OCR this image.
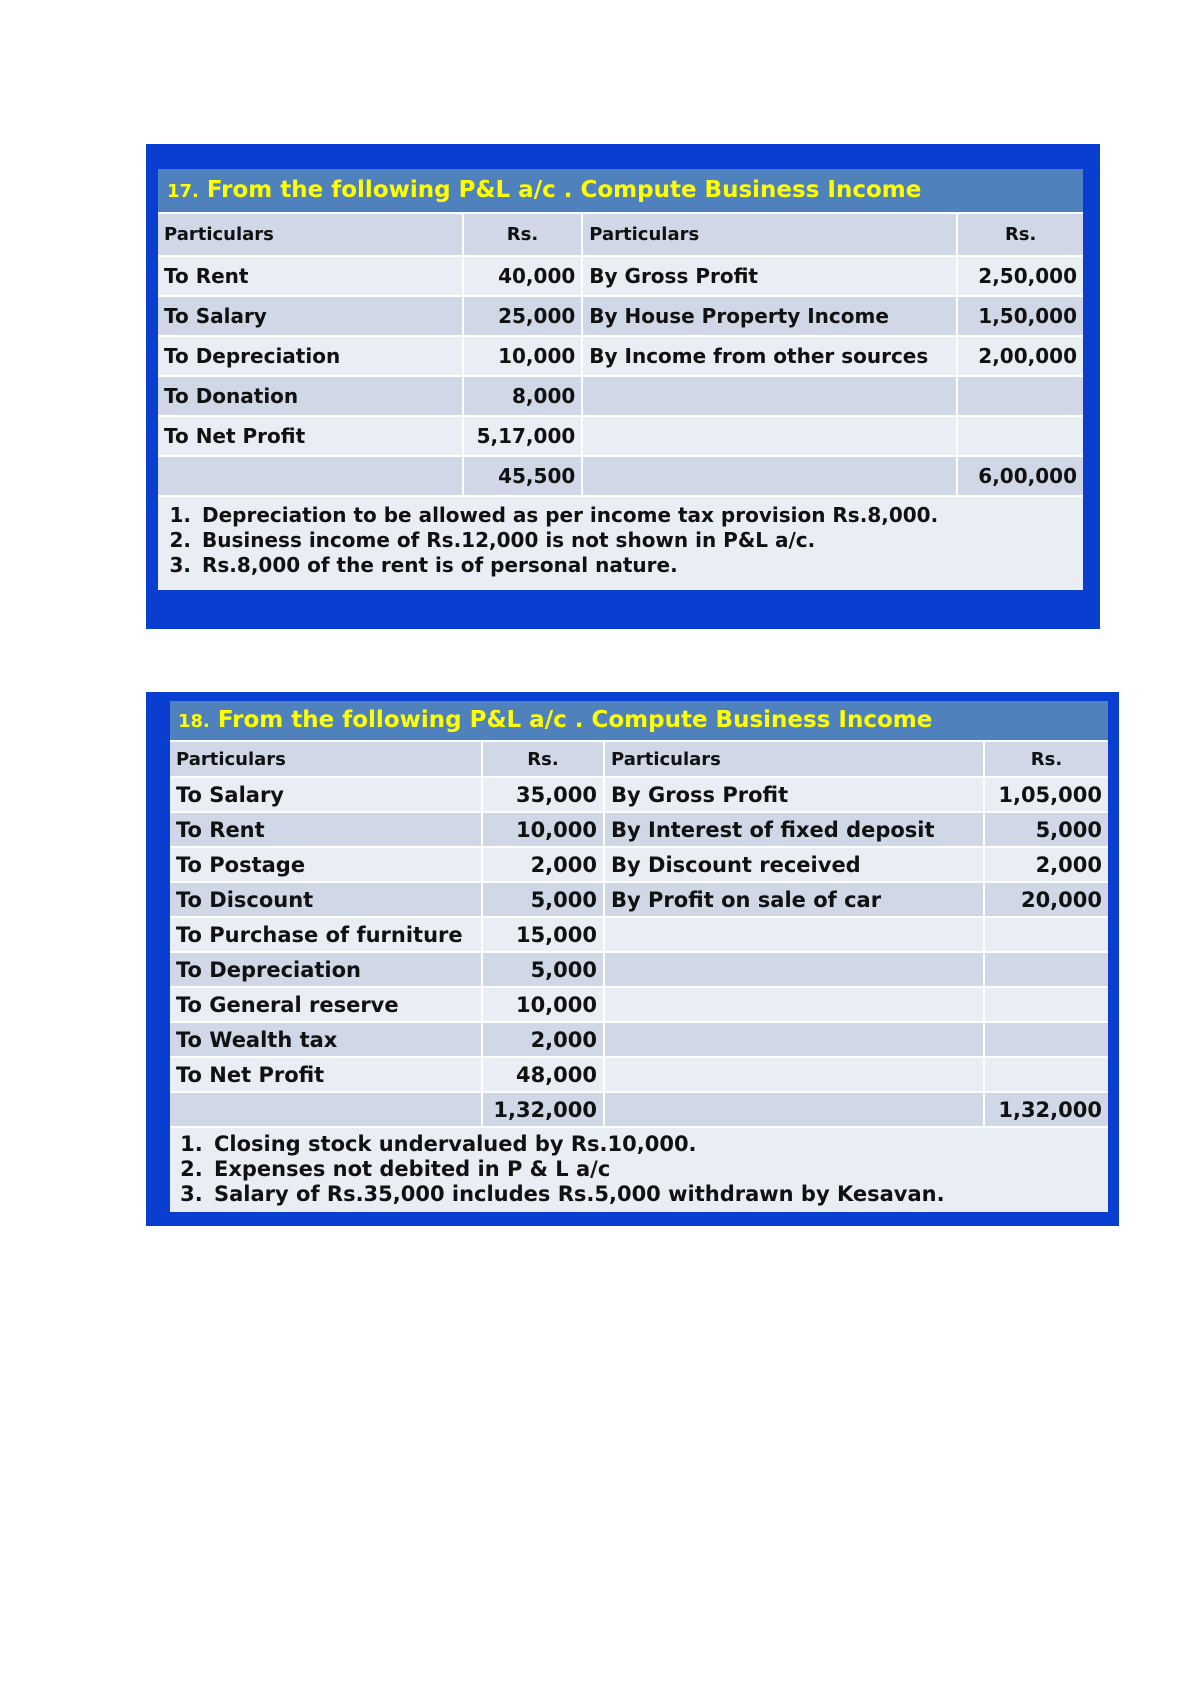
17. From the following P&L a/c . Compute Business Income
Particulars	Rs.	Particulars	Rs.
To Rent	40,000	By Gross Profit	2,50,000
To Salary	25,000	By House Property Income	1,50,000
To Depreciation	10,000	By Income from other sources	2,00,000
To Donation	8,000		
To Net Profit	5,17,000		
	45,500		6,00,000
1. Depreciation to be allowed as per income tax provision Rs.8,000.
2. Business income of Rs.12,000 is not shown in P&L a/c.
3. Rs.8,000 of the rent is of personal nature.
18. From the following P&L a/c . Compute Business Income
Particulars	Rs.	Particulars	Rs.
To Salary	35,000	By Gross Profit	1,05,000
To Rent	10,000	By Interest of fixed deposit	5,000
To Postage	2,000	By Discount received	2,000
To Discount	5,000	By Profit on sale of car	20,000
To Purchase of furniture	15,000		
To Depreciation	5,000		
To General reserve	10,000		
To Wealth tax	2,000		
To Net Profit	48,000		
	1,32,000		1,32,000
1. Closing stock undervalued by Rs.10,000.
2. Expenses not debited in P & L a/c
3. Salary of Rs.35,000 includes Rs.5,000 withdrawn by Kesavan.
